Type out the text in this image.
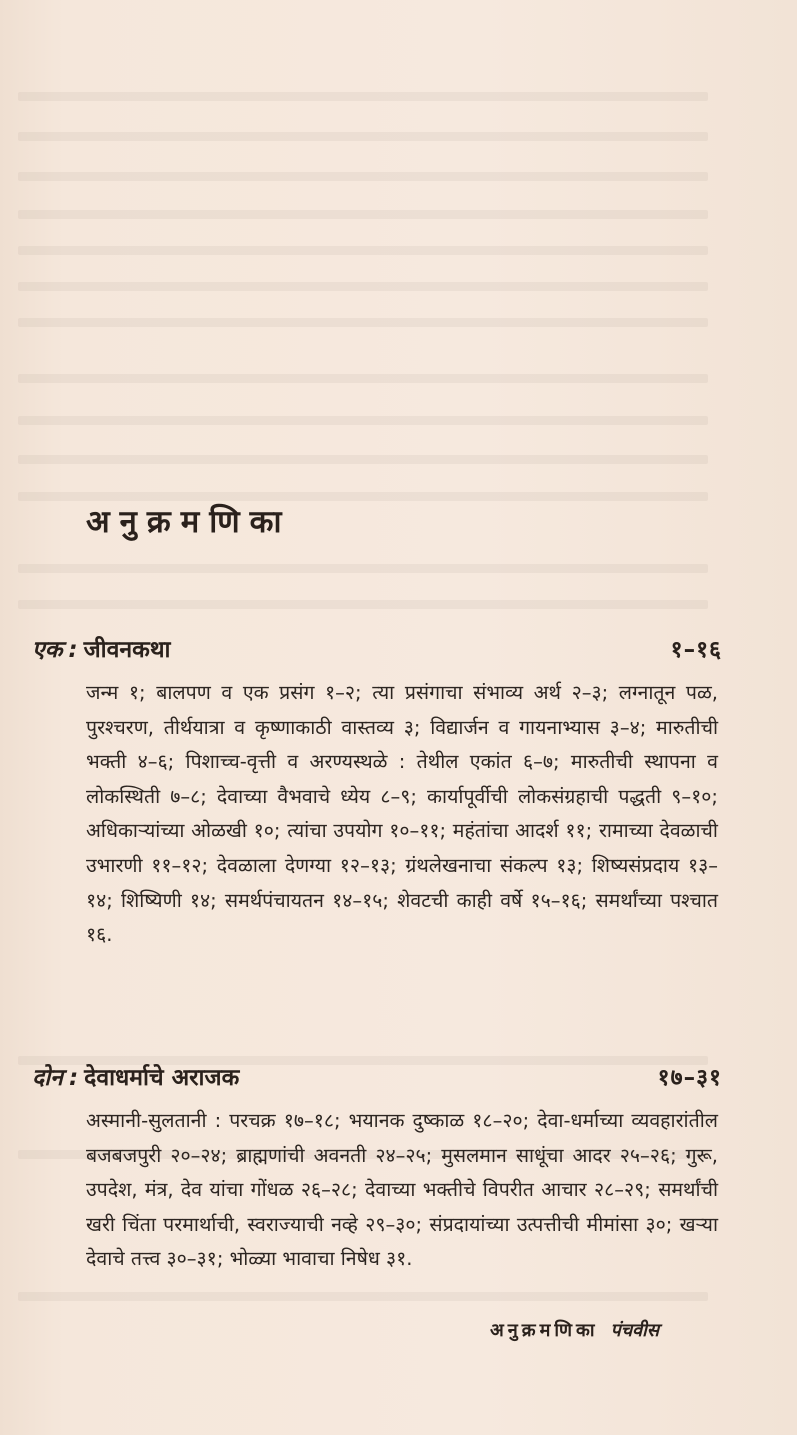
अनुक्रमणिका
एक : जीवनकथा	१–१६
जन्म १; बालपण व एक प्रसंग १–२; त्या प्रसंगाचा संभाव्य अर्थ २–३; लग्नातून पळ, पुरश्चरण, तीर्थयात्रा व कृष्णाकाठी वास्तव्य ३; विद्यार्जन व गायनाभ्यास ३–४; मारुतीची भक्ती ४–६; पिशाच्च-वृत्ती व अरण्यस्थळे : तेथील एकांत ६–७; मारुतीची स्थापना व लोकस्थिती ७–८; देवाच्या वैभवाचे ध्येय ८–९; कार्यापूर्वीची लोकसंग्रहाची पद्धती ९–१०; अधिकाऱ्यांच्या ओळखी १०; त्यांचा उपयोग १०–११; महंतांचा आदर्श ११; रामाच्या देवळाची उभारणी ११–१२; देवळाला देणग्या १२–१३; ग्रंथलेखनाचा संकल्प १३; शिष्यसंप्रदाय १३–१४; शिष्यिणी १४; समर्थपंचायतन १४–१५; शेवटची काही वर्षे १५–१६; समर्थांच्या पश्चात १६.
दोन : देवाधर्माचे अराजक	१७–३१
अस्मानी-सुलतानी : परचक्र १७–१८; भयानक दुष्काळ १८–२०; देवा-धर्माच्या व्यवहारांतील बजबजपुरी २०–२४; ब्राह्मणांची अवनती २४–२५; मुसलमान साधूंचा आदर २५–२६; गुरू, उपदेश, मंत्र, देव यांचा गोंधळ २६–२८; देवाच्या भक्तीचे विपरीत आचार २८–२९; समर्थांची खरी चिंता परमार्थाची, स्वराज्याची नव्हे २९–३०; संप्रदायांच्या उत्पत्तीची मीमांसा ३०; खऱ्या देवाचे तत्त्व ३०–३१; भोळ्या भावाचा निषेध ३१.
अनुक्रमणिका पंचवीस
